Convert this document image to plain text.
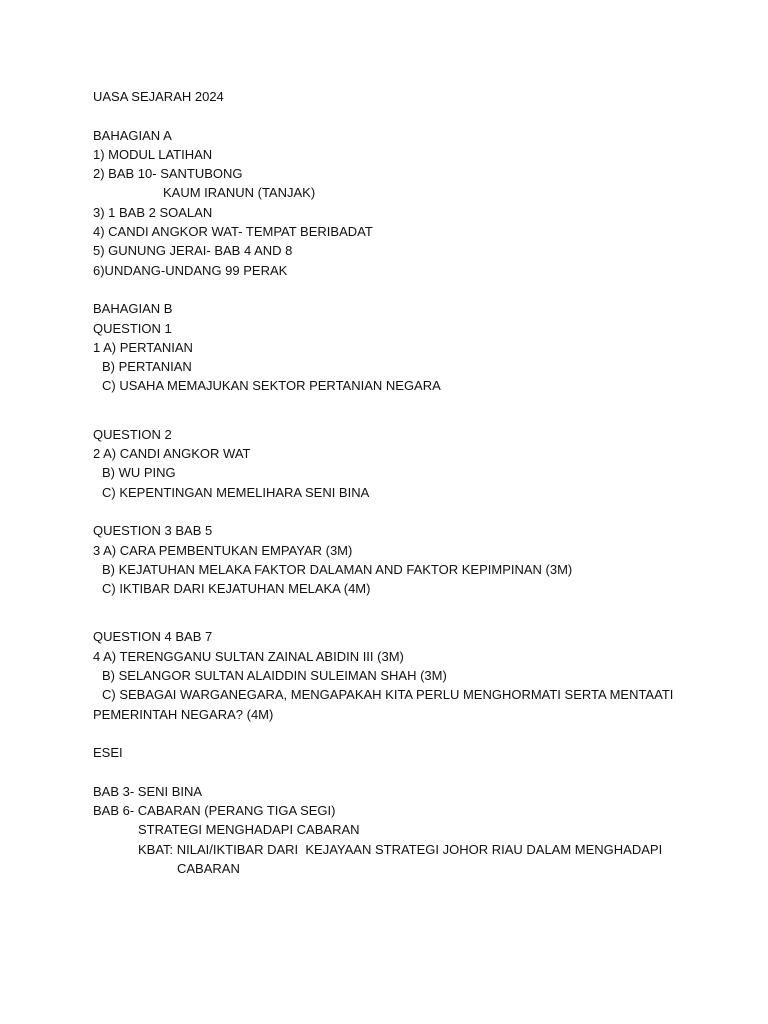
UASA SEJARAH 2024
BAHAGIAN A
1) MODUL LATIHAN
2) BAB 10- SANTUBONG
KAUM IRANUN (TANJAK)
3) 1 BAB 2 SOALAN
4) CANDI ANGKOR WAT- TEMPAT BERIBADAT
5) GUNUNG JERAI- BAB 4 AND 8
6)UNDANG-UNDANG 99 PERAK
BAHAGIAN B
QUESTION 1
1 A) PERTANIAN
B) PERTANIAN
C) USAHA MEMAJUKAN SEKTOR PERTANIAN NEGARA
QUESTION 2
2 A) CANDI ANGKOR WAT
B) WU PING
C) KEPENTINGAN MEMELIHARA SENI BINA
QUESTION 3 BAB 5
3 A) CARA PEMBENTUKAN EMPAYAR (3M)
B) KEJATUHAN MELAKA FAKTOR DALAMAN AND FAKTOR KEPIMPINAN (3M)
C) IKTIBAR DARI KEJATUHAN MELAKA (4M)
QUESTION 4 BAB 7
4 A) TERENGGANU SULTAN ZAINAL ABIDIN III (3M)
B) SELANGOR SULTAN ALAIDDIN SULEIMAN SHAH (3M)
C) SEBAGAI WARGANEGARA, MENGAPAKAH KITA PERLU MENGHORMATI SERTA MENTAATI
PEMERINTAH NEGARA? (4M)
ESEI
BAB 3- SENI BINA
BAB 6- CABARAN (PERANG TIGA SEGI)
STRATEGI MENGHADAPI CABARAN
KBAT: NILAI/IKTIBAR DARI  KEJAYAAN STRATEGI JOHOR RIAU DALAM MENGHADAPI
CABARAN
